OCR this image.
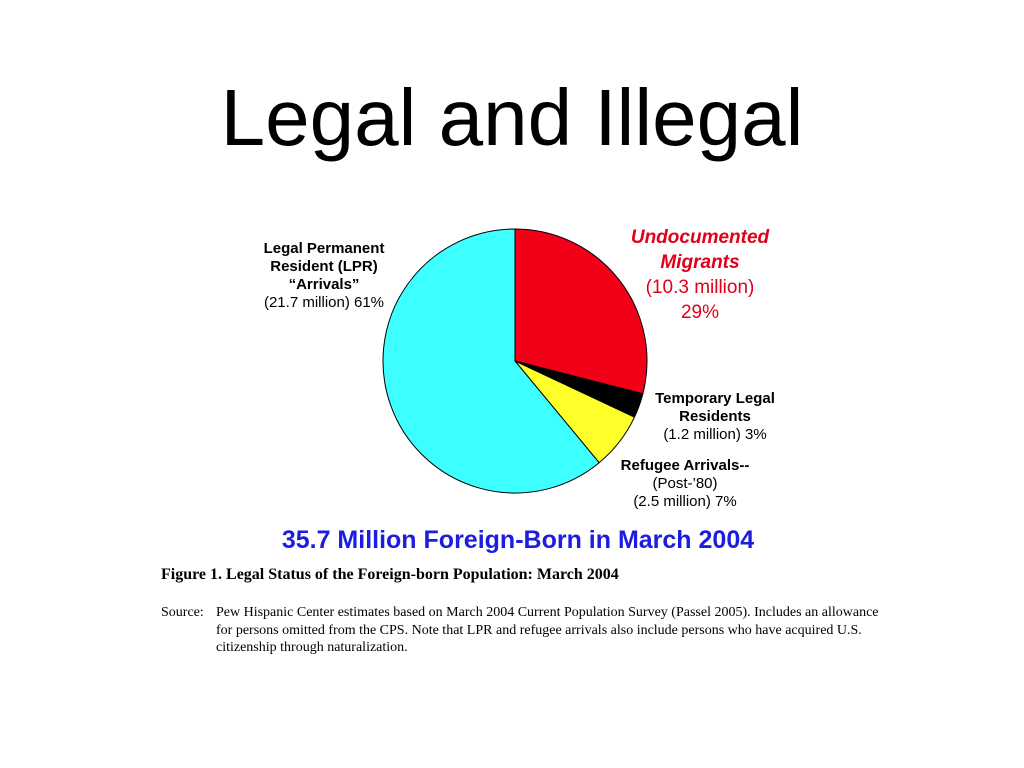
Legal and Illegal
Legal Permanent
Resident (LPR)
“Arrivals”
(21.7 million) 61%
Undocumented
Migrants
(10.3 million)
29%
Temporary Legal
Residents
(1.2 million) 3%
Refugee Arrivals--
(Post-’80)
(2.5 million) 7%
35.7 Million Foreign-Born in March 2004
Figure 1. Legal Status of the Foreign-born Population: March 2004
Source: Pew Hispanic Center estimates based on March 2004 Current Population Survey (Passel 2005). Includes an allowance for persons omitted from the CPS. Note that LPR and refugee arrivals also include persons who have acquired U.S. citizenship through naturalization.
